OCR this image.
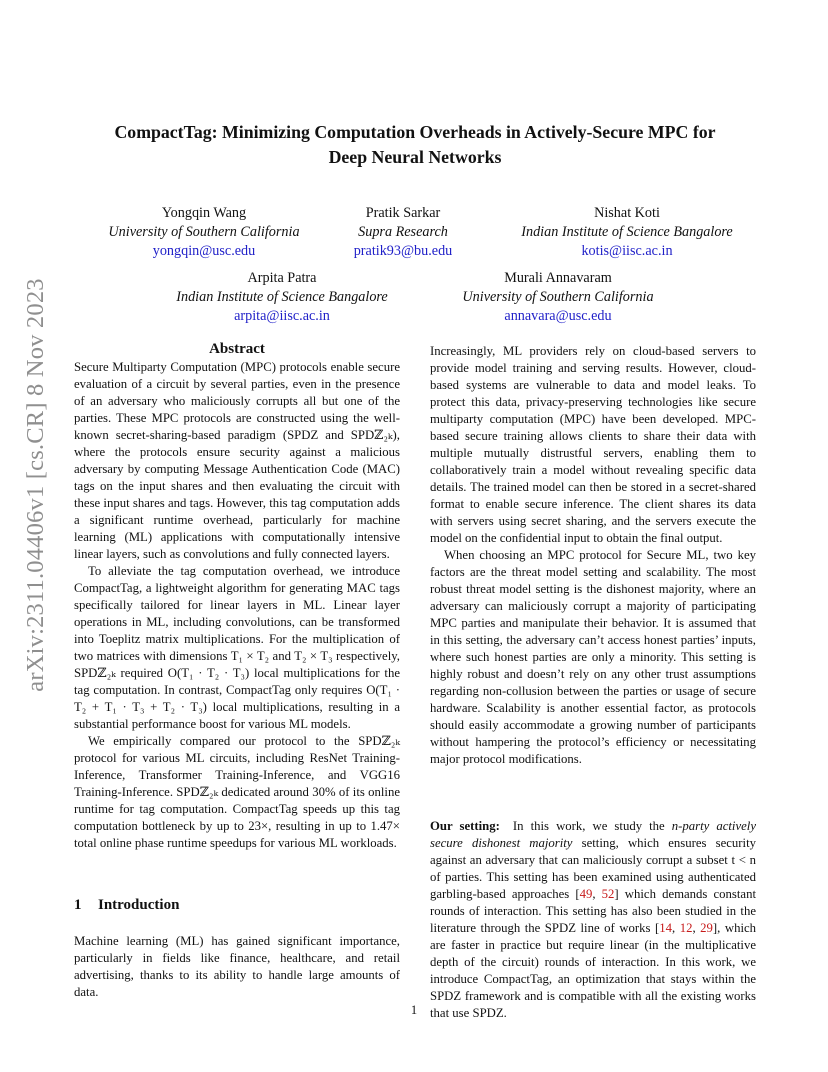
arXiv:2311.04406v1 [cs.CR] 8 Nov 2023
CompactTag: Minimizing Computation Overheads in Actively-Secure MPC for
Deep Neural Networks
Yongqin Wang
University of Southern California
yongqin@usc.edu
Pratik Sarkar
Supra Research
pratik93@bu.edu
Nishat Koti
Indian Institute of Science Bangalore
kotis@iisc.ac.in
Arpita Patra
Indian Institute of Science Bangalore
arpita@iisc.ac.in
Murali Annavaram
University of Southern California
annavara@usc.edu
Abstract

Secure Multiparty Computation (MPC) protocols enable secure evaluation of a circuit by several parties, even in the presence of an adversary who maliciously corrupts all but one of the parties. These MPC protocols are constructed using the well-known secret-sharing-based paradigm (SPDZ and SPDℤ₂ₖ), where the protocols ensure security against a malicious adversary by computing Message Authentication Code (MAC) tags on the input shares and then evaluating the circuit with these input shares and tags. However, this tag computation adds a significant runtime overhead, particularly for machine learning (ML) applications with computationally intensive linear layers, such as convolutions and fully connected layers.

To alleviate the tag computation overhead, we introduce CompactTag, a lightweight algorithm for generating MAC tags specifically tailored for linear layers in ML. Linear layer operations in ML, including convolutions, can be transformed into Toeplitz matrix multiplications. For the multiplication of two matrices with dimensions T₁ × T₂ and T₂ × T₃ respectively, SPDℤ₂ₖ required O(T₁ · T₂ · T₃) local multiplications for the tag computation. In contrast, CompactTag only requires O(T₁ · T₂ + T₁ · T₃ + T₂ · T₃) local multiplications, resulting in a substantial performance boost for various ML models.

We empirically compared our protocol to the SPDℤ₂ₖ protocol for various ML circuits, including ResNet Training-Inference, Transformer Training-Inference, and VGG16 Training-Inference. SPDℤ₂ₖ dedicated around 30% of its online runtime for tag computation. CompactTag speeds up this tag computation bottleneck by up to 23×, resulting in up to 1.47× total online phase runtime speedups for various ML workloads.

1 Introduction

Machine learning (ML) has gained significant importance, particularly in fields like finance, healthcare, and retail advertising, thanks to its ability to handle large amounts of data.

Increasingly, ML providers rely on cloud-based servers to provide model training and serving results. However, cloud-based systems are vulnerable to data and model leaks. To protect this data, privacy-preserving technologies like secure multiparty computation (MPC) have been developed. MPC-based secure training allows clients to share their data with multiple mutually distrustful servers, enabling them to collaboratively train a model without revealing specific data details. The trained model can then be stored in a secret-shared format to enable secure inference. The client shares its data with servers using secret sharing, and the servers execute the model on the confidential input to obtain the final output.

When choosing an MPC protocol for Secure ML, two key factors are the threat model setting and scalability. The most robust threat model setting is the dishonest majority, where an adversary can maliciously corrupt a majority of participating MPC parties and manipulate their behavior. It is assumed that in this setting, the adversary can’t access honest parties’ inputs, where such honest parties are only a minority. This setting is highly robust and doesn’t rely on any other trust assumptions regarding non-collusion between the parties or usage of secure hardware. Scalability is another essential factor, as protocols should easily accommodate a growing number of participants without hampering the protocol’s efficiency or necessitating major protocol modifications.

Our setting: In this work, we study the n-party actively secure dishonest majority setting, which ensures security against an adversary that can maliciously corrupt a subset t < n of parties. This setting has been examined using authenticated garbling-based approaches [49, 52] which demands constant rounds of interaction. This setting has also been studied in the literature through the SPDZ line of works [14, 12, 29], which are faster in practice but require linear (in the multiplicative depth of the circuit) rounds of interaction. In this work, we introduce CompactTag, an optimization that stays within the SPDZ framework and is compatible with all the existing works that use SPDZ.

1
